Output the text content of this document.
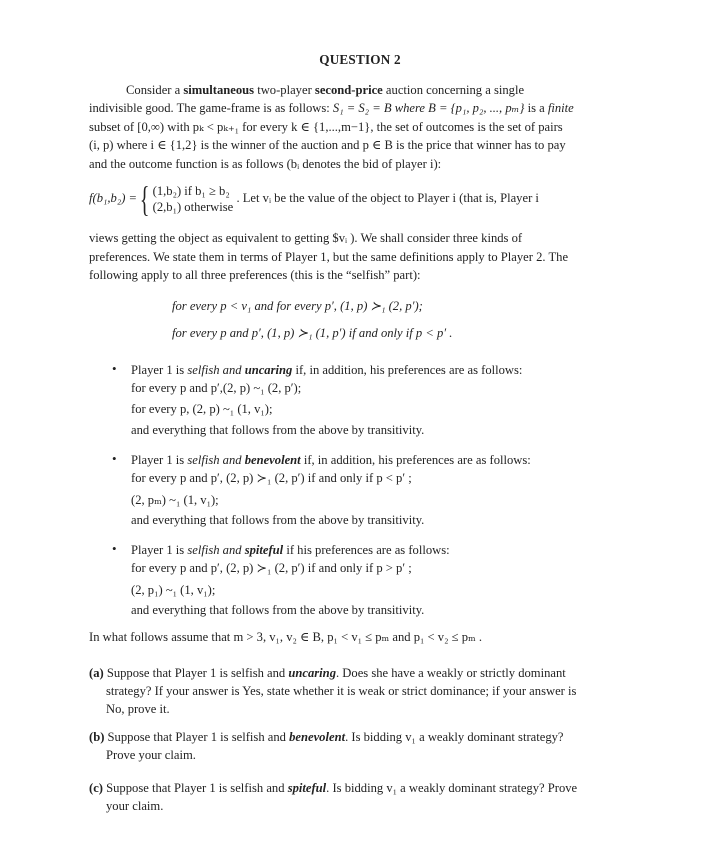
QUESTION 2
Consider a simultaneous two-player second-price auction concerning a single
indivisible good. The game-frame is as follows: S₁ = S₂ = B where B = {p₁, p₂, ..., pₘ} is a finite
subset of [0,∞) with pₖ < pₖ₊₁ for every k ∈ {1,...,m−1}, the set of outcomes is the set of pairs
(i, p) where i ∈ {1,2} is the winner of the auction and p ∈ B is the price that winner has to pay
and the outcome function is as follows (bᵢ denotes the bid of player i):
f(b₁,b₂) = { (1,b₂) if b₁ ≥ b₂
(2,b₁) otherwise
. Let vᵢ be the value of the object to Player i (that is, Player i
views getting the object as equivalent to getting $vᵢ ). We shall consider three kinds of
preferences. We state them in terms of Player 1, but the same definitions apply to Player 2. The
following apply to all three preferences (this is the “selfish” part):
for every p < v₁ and for every p′, (1, p) ≻₁ (2, p′);
for every p and p′, (1, p) ≻₁ (1, p′) if and only if p < p′ .
• Player 1 is selfish and uncaring if, in addition, his preferences are as follows:
for every p and p′,(2, p) ~₁ (2, p′);
for every p, (2, p) ~₁ (1, v₁);
and everything that follows from the above by transitivity.
• Player 1 is selfish and benevolent if, in addition, his preferences are as follows:
for every p and p′, (2, p) ≻₁ (2, p′) if and only if p < p′ ;
(2, pₘ) ~₁ (1, v₁);
and everything that follows from the above by transitivity.
• Player 1 is selfish and spiteful if his preferences are as follows:
for every p and p′, (2, p) ≻₁ (2, p′) if and only if p > p′ ;
(2, p₁) ~₁ (1, v₁);
and everything that follows from the above by transitivity.
In what follows assume that m > 3, v₁, v₂ ∈ B, p₁ < v₁ ≤ pₘ and p₁ < v₂ ≤ pₘ .
(a) Suppose that Player 1 is selfish and uncaring. Does she have a weakly or strictly dominant
strategy? If your answer is Yes, state whether it is weak or strict dominance; if your answer is
No, prove it.
(b) Suppose that Player 1 is selfish and benevolent. Is bidding v₁ a weakly dominant strategy?
Prove your claim.
(c) Suppose that Player 1 is selfish and spiteful. Is bidding v₁ a weakly dominant strategy? Prove
your claim.
